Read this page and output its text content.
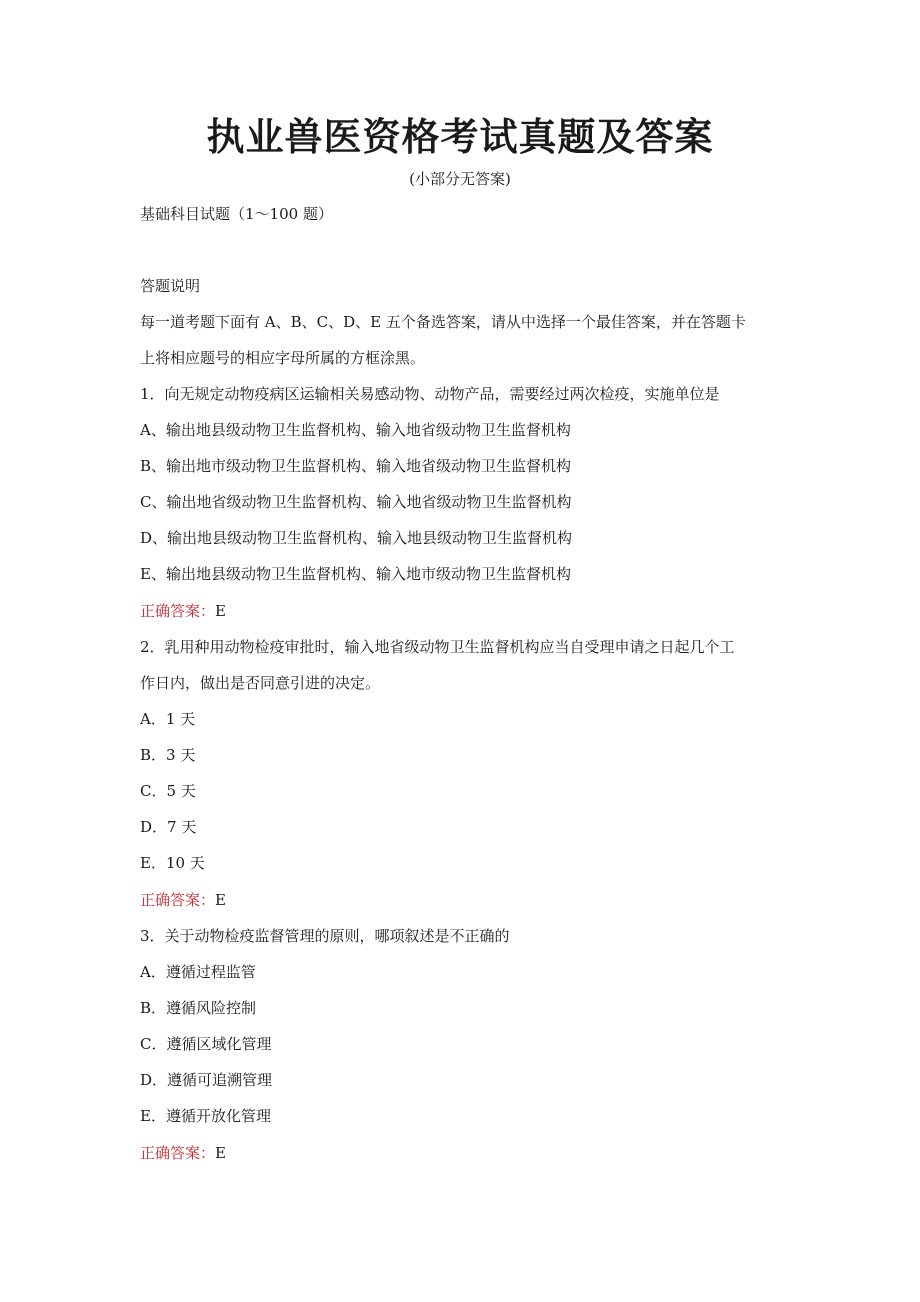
执业兽医资格考试真题及答案
(小部分无答案)
基础科目试题（1～100 题）
答题说明
每一道考题下面有 A、B、C、D、E 五个备选答案，请从中选择一个最佳答案，并在答题卡
上将相应题号的相应字母所属的方框涂黑。
1．向无规定动物疫病区运输相关易感动物、动物产品，需要经过两次检疫，实施单位是
A、输出地县级动物卫生监督机构、输入地省级动物卫生监督机构
B、输出地市级动物卫生监督机构、输入地省级动物卫生监督机构
C、输出地省级动物卫生监督机构、输入地省级动物卫生监督机构
D、输出地县级动物卫生监督机构、输入地县级动物卫生监督机构
E、输出地县级动物卫生监督机构、输入地市级动物卫生监督机构
正确答案：E
2．乳用种用动物检疫审批时，输入地省级动物卫生监督机构应当自受理申请之日起几个工
作日内，做出是否同意引进的决定。
A．1 天
B．3 天
C．5 天
D．7 天
E．10 天
正确答案：E
3．关于动物检疫监督管理的原则，哪项叙述是不正确的
A．遵循过程监管
B．遵循风险控制
C．遵循区域化管理
D．遵循可追溯管理
E．遵循开放化管理
正确答案：E
